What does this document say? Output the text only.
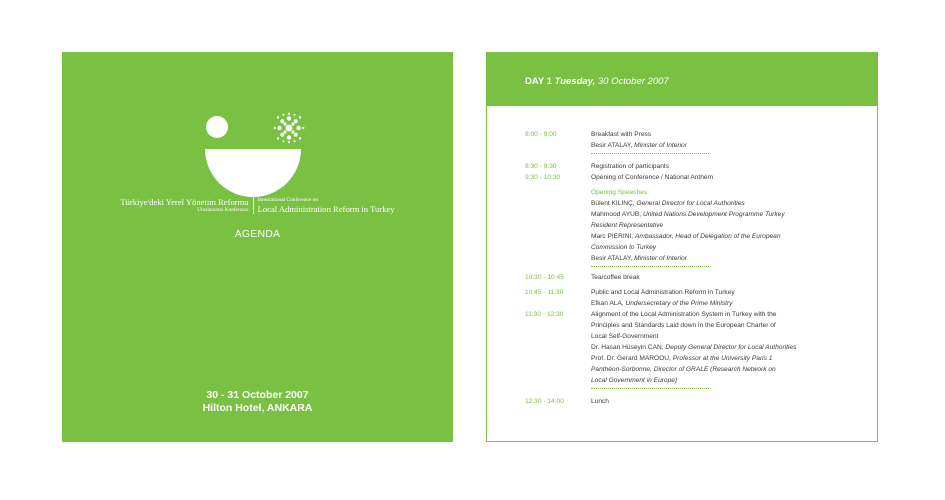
Türkiye'deki Yerel Yönetim Reformu
Uluslararası Konferansı
International Conference on
Local Administration Reform in Turkey
AGENDA
30 - 31 October 2007
Hilton Hotel, ANKARA
DAY 1 Tuesday, 30 October 2007
8:00 - 9:00	Breakfast with Press
Besir ATALAY, Minister of Interior
8:30 - 9:30	Registration of participants
9:30 - 10:30	Opening of Conference / National Anthem
Opening Speeches:
Bülent KILINÇ, General Director for Local Authorities
Mahmood AYUB, United Nations Development Programme Turkey
Resident Representative
Marc PIERINI, Ambassador, Head of Delegation of the European
Commission to Turkey
Besir ATALAY, Minister of Interior
10:30 - 10:45	Tea/coffee break
10:45 - 11:30	Public and Local Administration Reform in Turkey
Efkan ALA, Undersecretary of the Prime Ministry
11:30 - 12:30	Alignment of the Local Administration System in Turkey with the
Principles and Standards Laid down in the European Charter of
Local Self-Government
Dr. Hasan Hüseyin CAN, Deputy General Director for Local Authorities
Prof. Dr. Gerard MAROOU, Professor at the University Paris 1
Panthéon-Sorbonne, Director of GRALE (Research Network on
Local Government in Europe)
12:30 - 14:00	Lunch
